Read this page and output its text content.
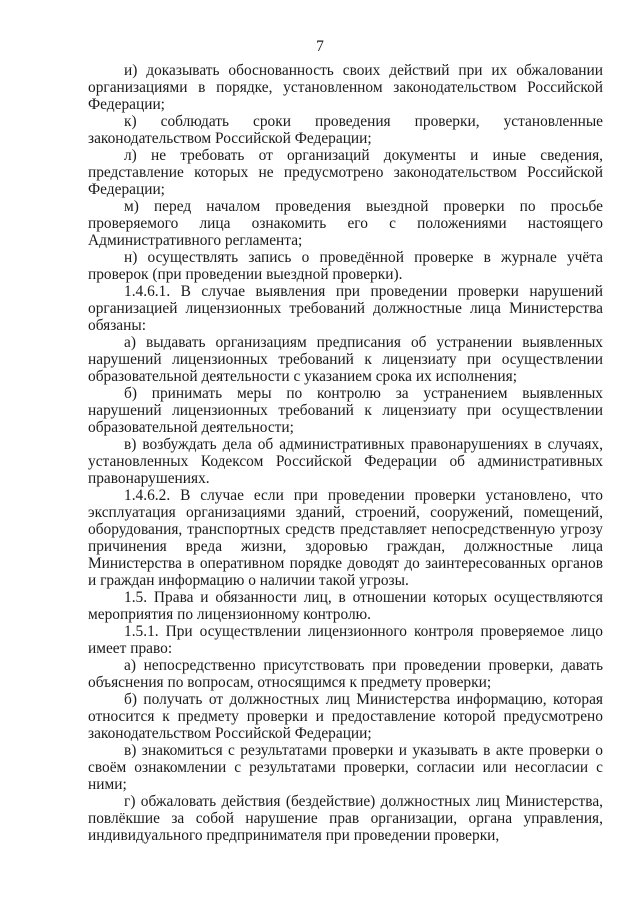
7

и) доказывать обоснованность своих действий при их обжаловании организациями в порядке, установленном законодательством Российской Федерации;

к) соблюдать сроки проведения проверки, установленные законодательством Российской Федерации;

л) не требовать от организаций документы и иные сведения, представление которых не предусмотрено законодательством Российской Федерации;

м) перед началом проведения выездной проверки по просьбе проверяемого лица ознакомить его с положениями настоящего Административного регламента;

н) осуществлять запись о проведённой проверке в журнале учёта проверок (при проведении выездной проверки).

1.4.6.1. В случае выявления при проведении проверки нарушений организацией лицензионных требований должностные лица Министерства обязаны:

а) выдавать организациям предписания об устранении выявленных нарушений лицензионных требований к лицензиату при осуществлении образовательной деятельности с указанием срока их исполнения;

б) принимать меры по контролю за устранением выявленных нарушений лицензионных требований к лицензиату при осуществлении образовательной деятельности;

в) возбуждать дела об административных правонарушениях в случаях, установленных Кодексом Российской Федерации об административных правонарушениях.

1.4.6.2. В случае если при проведении проверки установлено, что эксплуатация организациями зданий, строений, сооружений, помещений, оборудования, транспортных средств представляет непосредственную угрозу причинения вреда жизни, здоровью граждан, должностные лица Министерства в оперативном порядке доводят до заинтересованных органов и граждан информацию о наличии такой угрозы.

1.5. Права и обязанности лиц, в отношении которых осуществляются мероприятия по лицензионному контролю.

1.5.1. При осуществлении лицензионного контроля проверяемое лицо имеет право:

а) непосредственно присутствовать при проведении проверки, давать объяснения по вопросам, относящимся к предмету проверки;

б) получать от должностных лиц Министерства информацию, которая относится к предмету проверки и предоставление которой предусмотрено законодательством Российской Федерации;

в) знакомиться с результатами проверки и указывать в акте проверки о своём ознакомлении с результатами проверки, согласии или несогласии с ними;

г) обжаловать действия (бездействие) должностных лиц Министерства, повлёкшие за собой нарушение прав организации, органа управления, индивидуального предпринимателя при проведении проверки,
